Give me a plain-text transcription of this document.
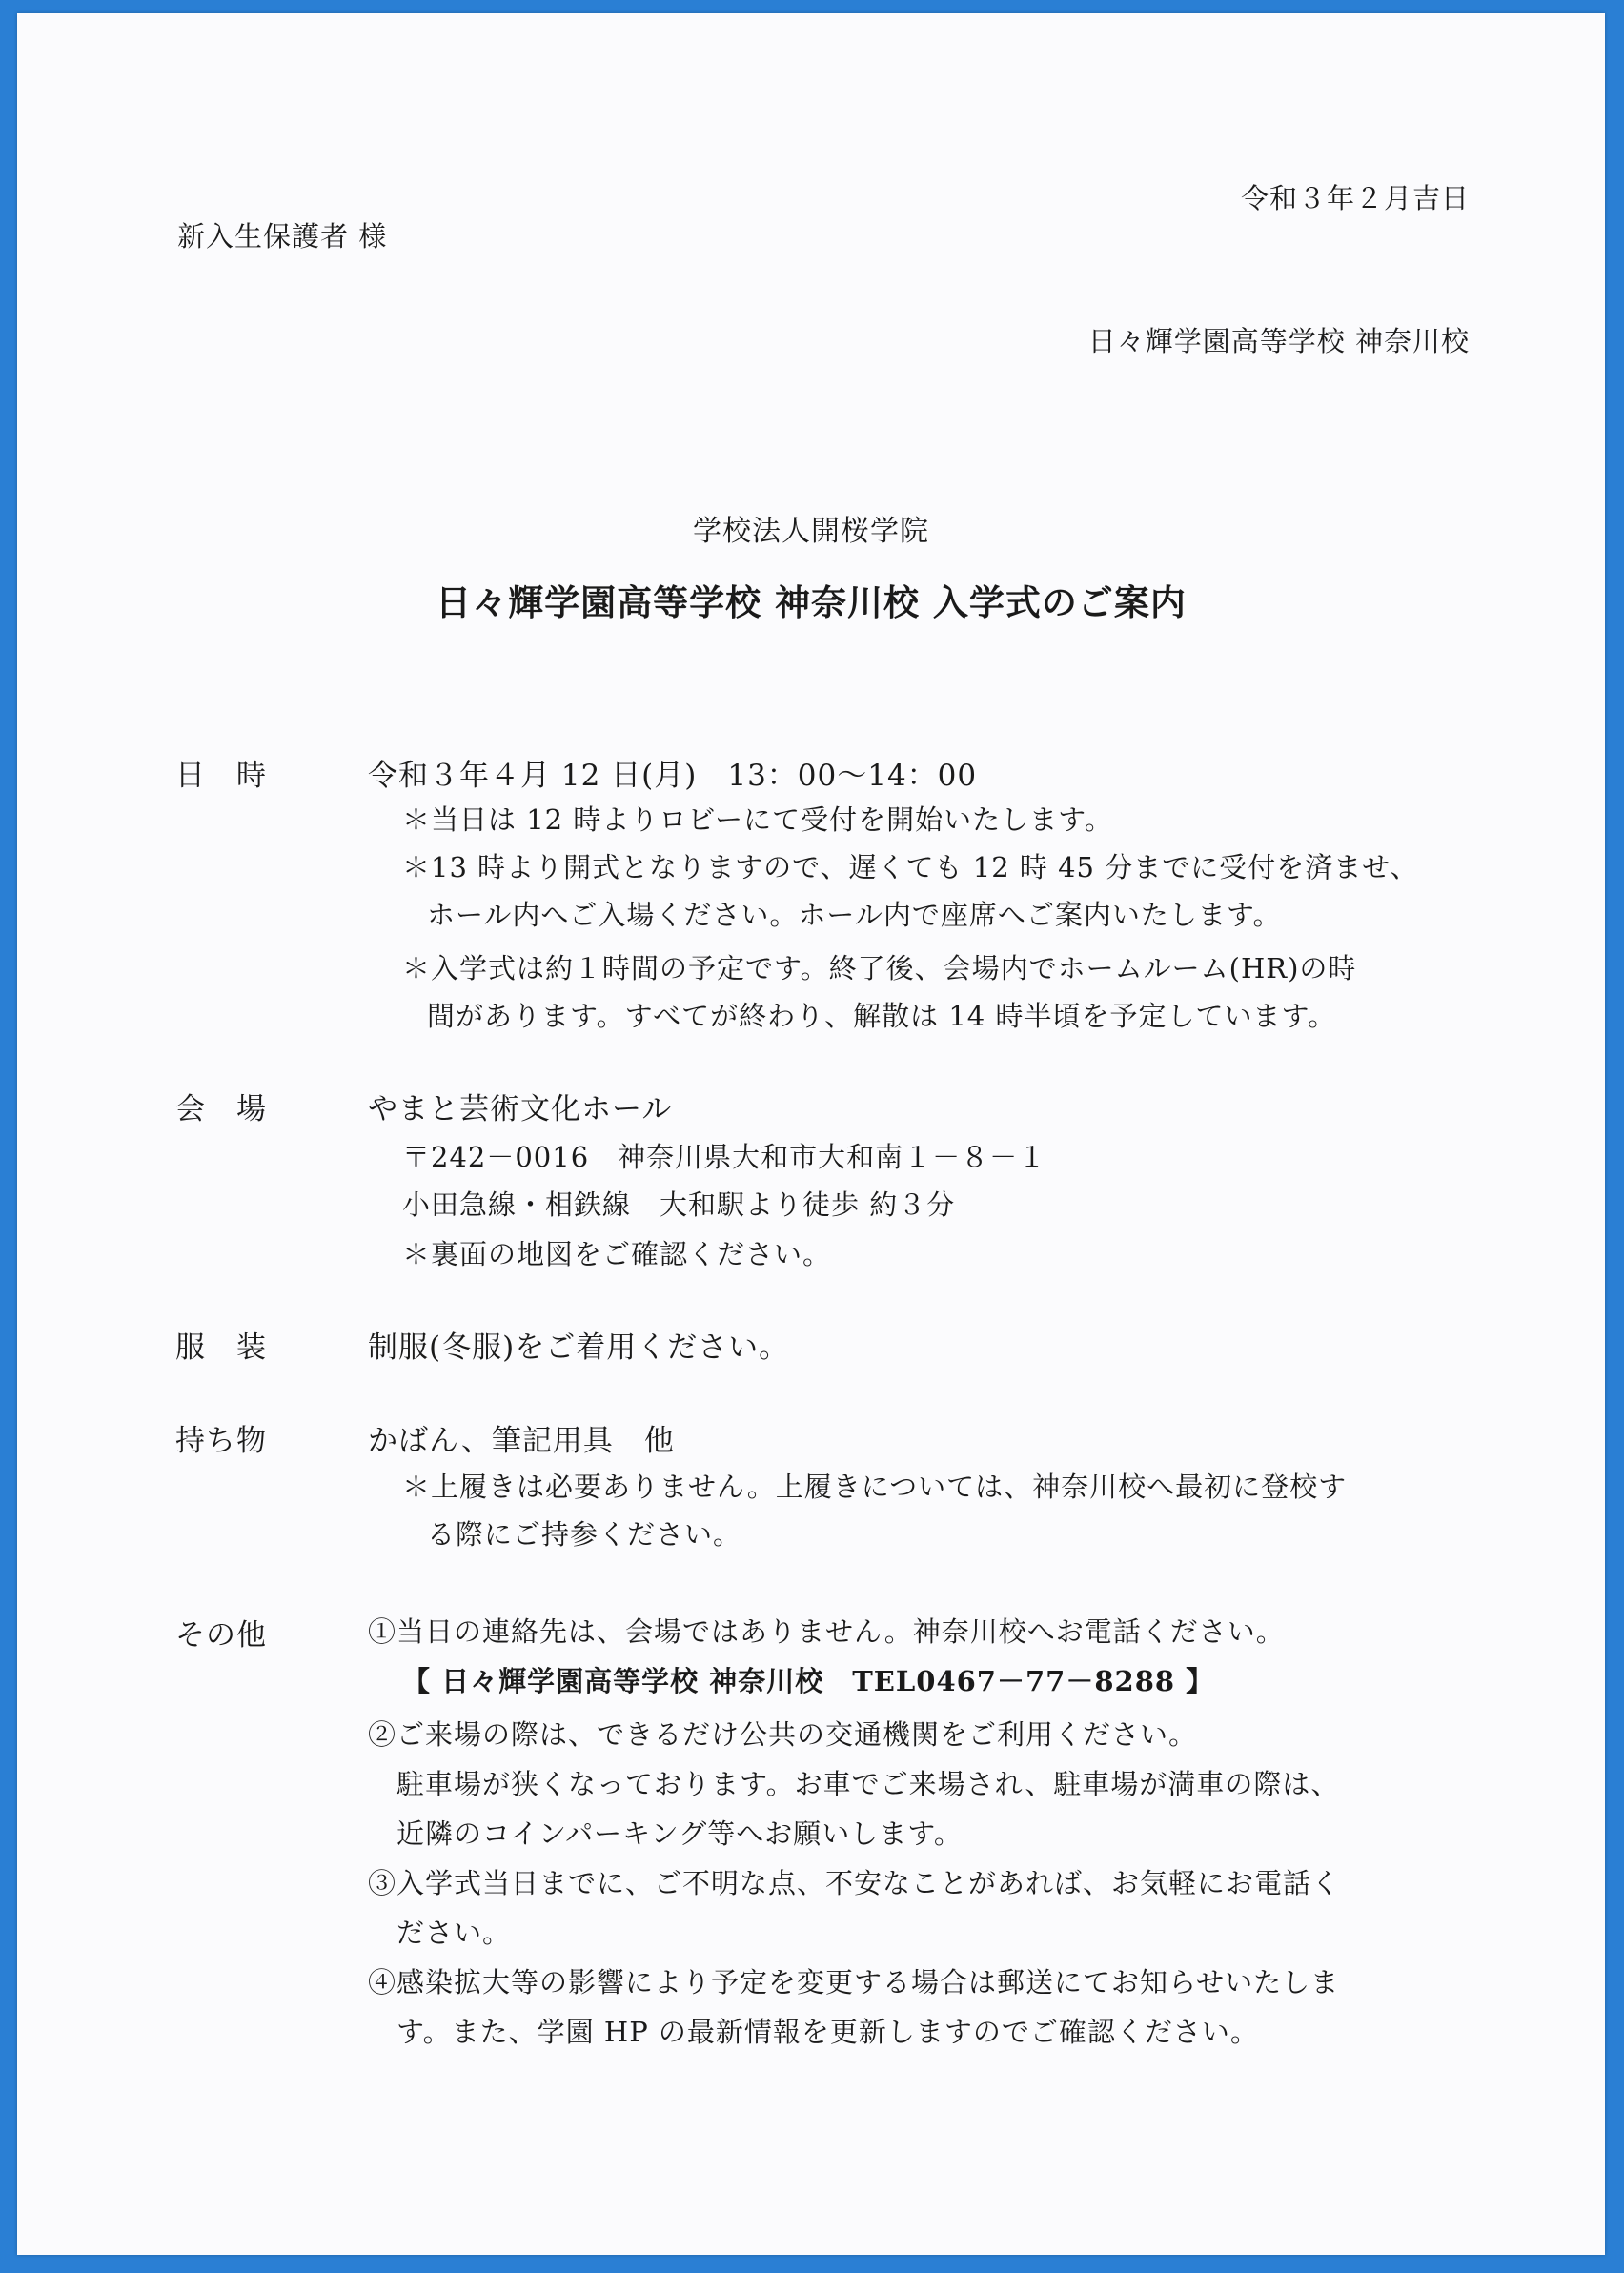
令和３年２月吉日
新入生保護者 様
日々輝学園高等学校 神奈川校
学校法人開桜学院
日々輝学園高等学校 神奈川校 入学式のご案内
日　時	令和３年４月 12 日(月)　13：00～14：00
＊当日は 12 時よりロビーにて受付を開始いたします。
＊13 時より開式となりますので、遅くても 12 時 45 分までに受付を済ませ、
ホール内へご入場ください。ホール内で座席へご案内いたします。
＊入学式は約１時間の予定です。終了後、会場内でホームルーム(HR)の時
間があります。すべてが終わり、解散は 14 時半頃を予定しています。
会　場	やまと芸術文化ホール
〒242－0016　神奈川県大和市大和南１－８－１
小田急線・相鉄線　大和駅より徒歩 約３分
＊裏面の地図をご確認ください。
服　装	制服(冬服)をご着用ください。
持ち物	かばん、筆記用具　他
＊上履きは必要ありません。上履きについては、神奈川校へ最初に登校す
る際にご持参ください。
その他	①当日の連絡先は、会場ではありません。神奈川校へお電話ください。
【 日々輝学園高等学校 神奈川校　TEL0467－77－8288 】
②ご来場の際は、できるだけ公共の交通機関をご利用ください。
駐車場が狭くなっております。お車でご来場され、駐車場が満車の際は、
近隣のコインパーキング等へお願いします。
③入学式当日までに、ご不明な点、不安なことがあれば、お気軽にお電話く
ださい。
④感染拡大等の影響により予定を変更する場合は郵送にてお知らせいたしま
す。また、学園 HP の最新情報を更新しますのでご確認ください。
